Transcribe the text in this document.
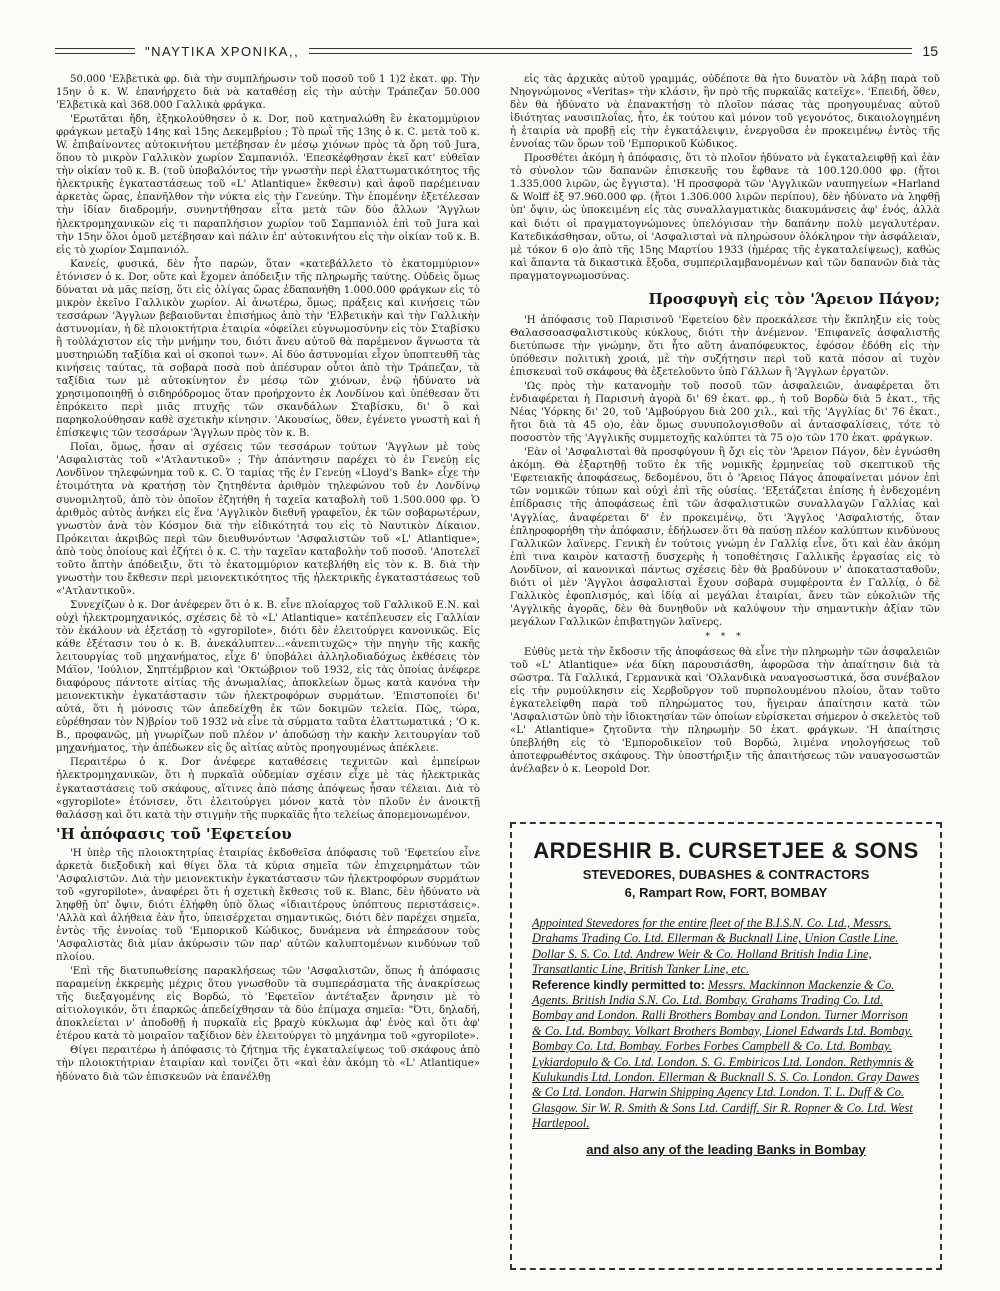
"ΝΑΥΤΙΚΑ ΧΡΟΝΙΚΑ,,	15

50.000 'Ελβετικὰ φρ. διὰ τὴν συμπλήρωσιν τοῦ ποσοῦ τοῦ 1 1)2 ἑκατ. φρ. Τὴν 15ην ὁ κ. W. ἐπανήρχετο διὰ νὰ καταθέσῃ εἰς τὴν αὐτὴν Τράπεζαν 50.000 'Ελβετικὰ καὶ 368.000 Γαλλικὰ φράγκα.

'Ερωτᾶται ἤδη, ἐξηκολούθησεν ὁ κ. Dor, ποῦ κατηναλώθη ἓν ἑκατομμύριον φράγκων μεταξὺ 14ης καὶ 15ης Δεκεμβρίου ; Τὸ πρωῒ τῆς 13ης ὁ κ. C. μετὰ τοῦ κ. W. ἐπιβαίνοντες αὐτοκινήτου μετέβησαν ἐν μέσῳ χιόνων πρὸς τὰ ὄρη τοῦ Jura, ὅπου τὸ μικρὸν Γαλλικὸν χωρίον Σαμπανιόλ. 'Επεσκέφθησαν ἐκεῖ κατ' εὐθεῖαν τὴν οἰκίαν τοῦ κ. Β. (τοῦ ὑποβαλόντος τὴν γνωστὴν περὶ ἐλαττωματικότητος τῆς ἠλεκτρικῆς ἐγκαταστάσεως τοῦ «L' Atlantique» ἔκθεσιν) καὶ ἀφοῦ παρέμειναν ἀρκετὰς ὥρας, ἐπανῆλθον τὴν νύκτα εἰς τὴν Γενεύην. Τὴν ἑπομένην ἐξετέλεσαν τὴν ἰδίαν διαδρομήν, συνηντήθησαν εἶτα μετὰ τῶν δύο ἄλλων 'Άγγλων ἠλεκτρομηχανικῶν εἰς τι παραπλήσιον χωρίον τοῦ Σαμπανιὸλ ἐπὶ τοῦ Jura καὶ τὴν 15ην ὅλοι ὁμοῦ μετέβησαν καὶ πάλιν ἐπ' αὐτοκινήτου εἰς τὴν οἰκίαν τοῦ κ. Β. εἰς τὸ χωρίον Σαμπανιόλ.

Κανείς, φυσικά, δὲν ἦτο παρών, ὅταν «κατεβάλλετο τὸ ἑκατομμύριον» ἐτόνισεν ὁ κ. Dor, οὔτε καὶ ἔχομεν ἀπόδειξιν τῆς πληρωμῆς ταύτης. Οὐδεὶς ὅμως δύναται νὰ μᾶς πείσῃ, ὅτι εἰς ὀλίγας ὥρας ἐδαπανήθη 1.000.000 φράγκων εἰς τὸ μικρὸν ἐκεῖνο Γαλλικὸν χωρίον. Αἱ ἀνωτέρω, ὅμως, πράξεις καὶ κινήσεις τῶν τεσσάρων 'Άγγλων βεβαιοῦνται ἐπισήμως ἀπὸ τὴν 'Ελβετικὴν καὶ τὴν Γαλλικὴν ἀστυνομίαν, ἡ δὲ πλοιοκτήτρια ἑταιρία «ὀφείλει εὐγνωμοσύνην εἰς τὸν Σταβίσκυ ἢ τοὐλάχιστον εἰς τὴν μνήμην του, διότι ἄνευ αὐτοῦ θὰ παρέμενον ἄγνωστα τὰ μυστηριώδη ταξίδια καὶ οἱ σκοποὶ των». Αἱ δύο ἀστυνομίαι εἶχον ὑποπτευθῆ τὰς κινήσεις ταύτας, τὰ σοβαρὰ ποσὰ ποὺ ἀπέσυραν οὗτοι ἀπὸ τὴν Τράπεζαν, τὰ ταξίδια των μὲ αὐτοκίνητον ἐν μέσῳ τῶν χιόνων, ἐνῷ ἠδύνατο νὰ χρησιμοποιηθῇ ὁ σιδηρόδρομος ὅταν προήρχοντο ἐκ Λονδίνου καὶ ὑπέθεσαν ὅτι ἐπρόκειτο περὶ μιᾶς πτυχῆς τῶν σκανδάλων Σταβίσκυ, δι' ὃ καὶ παρηκολούθησαν καθὲ σχετικὴν κίνησιν. 'Ακουσίως, ὅθεν, ἐγένετο γνωστὴ καὶ ἡ ἐπίσκεψις τῶν τεσσάρων 'Άγγλων πρὸς τὸν κ. Β.

Ποῖαι, ὅμως, ἦσαν αἱ σχέσεις τῶν τεσσάρων τούτων 'Άγγλων μὲ τοὺς 'Ασφαλιστὰς τοῦ «'Ατλαντικοῦ» ; Τὴν ἀπάντησιν παρέχει τὸ ἐν Γενεύῃ εἰς Λονδῖνον τηλεφώνημα τοῦ κ. C. Ὁ ταμίας τῆς ἐν Γενεύῃ «Lloyd's Bank» εἶχε τὴν ἑτοιμότητα νὰ κρατήσῃ τὸν ζητηθέντα ἀριθμὸν τηλεφώνου τοῦ ἐν Λονδίνῳ συνομιλητοῦ, ἀπὸ τὸν ὁποῖον ἐζητήθη ἡ ταχεῖα καταβολὴ τοῦ 1.500.000 φρ. Ὁ ἀριθμὸς αὐτὸς ἀνήκει εἰς ἕνα 'Αγγλικὸν διεθνῆ γραφεῖον, ἐκ τῶν σοβαρωτέρων, γνωστὸν ἀνὰ τὸν Κόσμον διὰ τὴν εἰδικότητά του εἰς τὸ Ναυτικὸν Δίκαιον. Πρόκειται ἀκριβῶς περὶ τῶν διευθυνόντων 'Ασφαλιστῶν τοῦ «L' Atlantique», ἀπὸ τοὺς ὁποίους καὶ ἐζήτει ὁ κ. C. τὴν ταχεῖαν καταβολὴν τοῦ ποσοῦ. 'Αποτελεῖ τοῦτο ἄπτὴν ἀπόδειξιν, ὅτι τὸ ἑκατομμύριον κατεβλήθη εἰς τὸν κ. Β. διὰ τὴν γνωστὴν του ἔκθεσιν περὶ μειονεκτικότητος τῆς ἠλεκτρικῆς ἐγκαταστάσεως τοῦ «'Ατλαντικοῦ».

Συνεχίζων ὁ κ. Dor ἀνέφερεν ὅτι ὁ κ. Β. εἶνε πλοίαρχος τοῦ Γαλλικοῦ Ε.Ν. καὶ οὐχὶ ἠλεκτρομηχανικός, σχέσεις δὲ τὸ «L' Atlantique» κατέπλευσεν εἰς Γαλλίαν τὸν ἐκάλουν νὰ ἐξετάσῃ τὸ «gyropilote», διότι δὲν ἐλειτούργει κανονικῶς. Εἰς κάθε ἐξέτασιν του ὁ κ. Β. ἀνεκάλυπτεν...«ἀνεπιτυχῶς» τὴν πηγὴν τῆς κακῆς λειτουργίας τοῦ μηχανήματος, εἶχε δ' ὑποβάλει ἀλληλοδιαδόχως ἐκθέσεις τὸν Μάϊον, 'Ιούλιον, Σηπτέμβριον καὶ 'Οκτώβριον τοῦ 1932, εἰς τὰς ὁποίας ἀνέφερε διαφόρους πάντοτε αἰτίας τῆς ἀνωμαλίας, ἀποκλείων ὅμως κατὰ κανόνα τὴν μειονεκτικὴν ἐγκατάστασιν τῶν ἠλεκτροφόρων συρμάτων. 'Επιστοποίει δι' αὐτά, ὅτι ἡ μόνοσις τῶν ἀπεδείχθη ἐκ τῶν δοκιμῶν τελεία. Πῶς, τώρα, εὑρέθησαν τὸν Ν)βρίον τοῦ 1932 νὰ εἶνε τὰ σύρματα ταῦτα ἐλαττωματικά ; 'Ο κ. Β., προφανῶς, μὴ γνωρίζων ποῦ πλέον ν' ἀποδώσῃ τὴν κακὴν λειτουργίαν τοῦ μηχανήματος, τὴν ἀπέδωκεν εἰς ὅς αἰτίας αὐτὸς προηγουμένως ἀπέκλειε.

Περαιτέρω ὁ κ. Dor ἀνέφερε καταθέσεις τεχνιτῶν καὶ ἐμπείρων ἠλεκτρομηχανικῶν, ὅτι ἡ πυρκαϊὰ οὐδεμίαν σχέσιν εἶχε μὲ τὰς ἠλεκτρικὰς ἐγκαταστάσεις τοῦ σκάφους, αἵτινες ἀπὸ πάσης ἀπόψεως ἦσαν τέλειαι. Διὰ τὸ «gyropilote» ἐτόνισεν, ὅτι ἐλειτούργει μόνον κατὰ τὸν πλοῦν ἐν ἀνοικτῇ θαλάσσῃ καὶ ὅτι κατὰ τὴν στιγμὴν τῆς πυρκαϊᾶς ἦτο τελείως ἀπομεμονωμένον.

'Η ἀπόφασις τοῦ 'Εφετείου

'Η ὑπὲρ τῆς πλοιοκτητρίας ἑταιρίας ἐκδοθεῖσα ἀπόφασις τοῦ 'Εφετείου εἶνε ἀρκετὰ διεξοδικὴ καὶ θίγει ὅλα τὰ κύρια σημεῖα τῶν ἐπιχειρημάτων τῶν 'Ασφαλιστῶν. Διὰ τὴν μειονεκτικὴν ἐγκατάστασιν τῶν ἠλεκτροφόρων συρμάτων τοῦ «gyropilote», ἀναφέρει ὅτι ἡ σχετικὴ ἔκθεσις τοῦ κ. Blanc, δὲν ἠδύνατο νὰ ληφθῇ ὑπ' ὄψιν, διότι ἐλήφθη ὑπὸ ὅλως «ἰδιαιτέρους ὑπόπτους περιστάσεις». 'Αλλὰ καὶ ἀλήθεια ἐὰν ἦτο, ὑπεισέρχεται σημαντικῶς, διότι δὲν παρέχει σημεῖα, ἐντὸς τῆς ἐννοίας τοῦ 'Εμπορικοῦ Κώδικος, δυνάμενα νὰ ἐπηρεάσουν τοὺς 'Ασφαλιστὰς διὰ μίαν ἀκύρωσιν τῶν παρ' αὐτῶν καλυπτομένων κινδύνων τοῦ πλοίου.

'Επὶ τῆς διατυπωθείσης παρακλήσεως τῶν 'Ασφαλιστῶν, ὅπως ἡ ἀπόφασις παραμείνῃ ἐκκρεμὴς μέχρις ὅτου γνωσθοῦν τὰ συμπεράσματα τῆς ἀνακρίσεως τῆς διεξαγομένης εἰς Βορδώ, τὸ 'Εφετεῖον ἀντέταξεν ἄρνησιν μὲ τὸ αἰτιολογικόν, ὅτι ἐπαρκῶς ἀπεδείχθησαν τὰ δύο ἐπίμαχα σημεῖα: "Ότι, δηλαδή, ἀποκλείεται ν' ἀποδοθῇ ἡ πυρκαϊὰ εἰς βραχὺ κύκλωμα ἀφ' ἑνὸς καὶ ὅτι ἀφ' ἑτέρου κατὰ τὸ μοιραῖον ταξίδιον δὲν ἐλειτούργει τὸ μηχάνημα τοῦ «gyropilote».

Θίγει περαιτέρω ἡ ἀπόφασις τὸ ζήτημα τῆς ἐγκαταλείψεως τοῦ σκάφους ἀπὸ τὴν πλοιοκτήτριαν ἑταιρίαν καὶ τονίζει ὅτι «καὶ ἐὰν ἀκόμη τὸ «L' Atlantique» ἠδύνατο διὰ τῶν ἐπισκευῶν νὰ ἐπανέλθῃ

εἰς τὰς ἀρχικὰς αὐτοῦ γραμμάς, οὐδέποτε θὰ ἦτο δυνατὸν νὰ λάβῃ παρὰ τοῦ Νηογνώμονος «Veritas» τὴν κλάσιν, ἣν πρὸ τῆς πυρκαϊᾶς κατεῖχε». 'Επειδή, ὅθεν, δὲν θὰ ἠδύνατο νὰ ἐπανακτήσῃ τὸ πλοῖον πάσας τὰς προηγουμένας αὐτοῦ ἰδιότητας ναυσιπλοΐας, ἦτο, ἐκ τούτου καὶ μόνον τοῦ γεγονότος, δικαιολογημένη ἡ ἑταιρία νὰ προβῇ εἰς τὴν ἐγκατάλειψιν, ἐνεργοῦσα ἐν προκειμένῳ ἐντὸς τῆς ἐννοίας τῶν ὅρων τοῦ 'Εμπορικοῦ Κώδικος.

Προσθέτει ἀκόμη ἡ ἀπόφασις, ὅτι τὸ πλοῖον ἠδύνατο νὰ ἐγκαταλειφθῇ καὶ ἐὰν τὸ σύνολον τῶν δαπανῶν ἐπισκευῆς του ἔφθανε τὰ 100.120.000 φρ. (ἤτοι 1.335.000 λιρῶν, ὡς ἔγγιστα). 'Η προσφορὰ τῶν 'Αγγλικῶν ναυπηγείων «Harland & Wolff ἐξ 97.960.000 φρ. (ἤτοι 1.306.000 λιρῶν περίπου), δὲν ἠδύνατο νὰ ληφθῇ ὑπ' ὄψιν, ὡς ὑποκειμένη εἰς τὰς συναλλαγματικὰς διακυμάνσεις ἀφ' ἑνός, ἀλλὰ καὶ διότι οἱ πραγματογνώμονες ὑπελόγισαν τὴν δαπάνην πολὺ μεγαλυτέραν. Κατεδικάσθησαν, οὕτω, οἱ 'Ασφαλισταὶ νὰ πληρώσουν ὁλόκληρον τὴν ἀσφάλειαν, μὲ τόκον 6 ο)ο ἀπὸ τῆς 15ης Μαρτίου 1933 (ἡμέρας τῆς ἐγκαταλείψεως), καθὼς καὶ ἅπαντα τὰ δικαστικὰ ἔξοδα, συμπεριλαμβανομένων καὶ τῶν δαπανῶν διὰ τὰς πραγματογνωμοσύνας.

Προσφυγὴ εἰς τὸν 'Άρειον Πάγον;

'Η ἀπόφασις τοῦ Παρισινοῦ 'Εφετείου δὲν προεκάλεσε τὴν ἔκπληξιν εἰς τοὺς Θαλασσοασφαλιστικοὺς κύκλους, διότι τὴν ἀνέμενον. 'Επιφανεῖς ἀσφαλιστῆς διετύπωσε τὴν γνώμην, ὅτι ἦτο αὕτη ἀναπόφευκτος, ἐφόσον ἐδόθη εἰς τὴν ὑπόθεσιν πολιτικὴ χροιά, μὲ τὴν συζήτησιν περὶ τοῦ κατὰ πόσον αἱ τυχὸν ἐπισκευαὶ τοῦ σκάφους θὰ ἐξετελοῦντο ὑπὸ Γάλλων ἢ 'Άγγλων ἐργατῶν.

'Ως πρὸς τὴν κατανομὴν τοῦ ποσοῦ τῶν ἀσφαλειῶν, ἀναφέρεται ὅτι ἐνδιαφέρεται ἡ Παρισινὴ ἀγορὰ δι' 69 ἑκατ. φρ., ἡ τοῦ Βορδὼ διὰ 5 ἑκατ., τῆς Νέας 'Υόρκης δι' 20, τοῦ 'Αμβούργου διὰ 200 χιλ., καὶ τῆς 'Αγγλίας δι' 76 ἑκατ., ἤτοι διὰ τὰ 45 ο)ο, ἐὰν ὅμως συνυπολογισθοῦν αἱ ἀντασφαλίσεις, τότε τὸ ποσοστὸν τῆς 'Αγγλικῆς συμμετοχῆς καλύπτει τὰ 75 ο)ο τῶν 170 ἑκατ. φράγκων.

'Εὰν οἱ 'Ασφαλισταὶ θὰ προσφύγουν ἢ ὄχι εἰς τὸν 'Άρειον Πάγον, δὲν ἐγνώσθη ἀκόμη. Θὰ ἐξαρτηθῇ τοῦτο ἐκ τῆς νομικῆς ἑρμηνείας τοῦ σκεπτικοῦ τῆς 'Εφετειακῆς ἀποφάσεως, δεδομένου, ὅτι ὁ 'Άρειος Πάγος ἀποφαίνεται μόνον ἐπὶ τῶν νομικῶν τύπων καὶ οὐχὶ ἐπὶ τῆς οὐσίας. 'Εξετάζεται ἐπίσης ἡ ἐνδεχομένη ἐπίδρασις τῆς ἀποφάσεως ἐπὶ τῶν ἀσφαλιστικῶν συναλλαγῶν Γαλλίας καὶ 'Αγγλίας, ἀναφέρεται δ' ἐν προκειμένῳ, ὅτι 'Άγγλος 'Ασφαλιστής, ὅταν ἐπληροφορήθη τὴν ἀπόφασιν, ἐδήλωσεν ὅτι θὰ παύσῃ πλέον καλύπτων κινδύνους Γαλλικῶν λαϊνερς. Γενικὴ ἐν τούτοις γνώμη ἐν Γαλλίᾳ εἶνε, ὅτι καὶ ἐὰν ἀκόμη ἐπὶ τινα καιρὸν καταστῇ δυσχερὴς ἡ τοποθέτησις Γαλλικῆς ἐργασίας εἰς τὸ Λονδῖνον, αἱ κανονικαὶ πάντως σχέσεις δὲν θὰ βραδύνουν ν' ἀποκατασταθοῦν, διότι οἱ μὲν 'Άγγλοι ἀσφαλισταὶ ἔχουν σοβαρὰ συμφέροντα ἐν Γαλλίᾳ, ὁ δὲ Γαλλικὸς ἐφοπλισμός, καὶ ἰδίᾳ αἱ μεγάλαι ἑταιρίαι, ἄνευ τῶν εὐκολιῶν τῆς 'Αγγλικῆς ἀγορᾶς, δὲν θὰ δυνηθοῦν νὰ καλύψουν τὴν σημαντικὴν ἀξίαν τῶν μεγάλων Γαλλικῶν ἐπιβατηγῶν λαϊνερς.

* * *

Εὐθὺς μετὰ τὴν ἔκδοσιν τῆς ἀποφάσεως θὰ εἶνε τὴν πληρωμὴν τῶν ἀσφαλειῶν τοῦ «L' Atlantique» νέα δίκη παρουσιάσθη, ἀφορῶσα τὴν ἀπαίτησιν διὰ τὰ σῶστρα. Τὰ Γαλλικά, Γερμανικὰ καὶ 'Ολλανδικὰ ναυαγοσωστικά, ὅσα συνέβαλον εἰς τὴν ρυμούλκησιν εἰς Χερβοῦργον τοῦ πυρπολουμένου πλοίου, ὅταν τοῦτο ἐγκατελείφθη παρὰ τοῦ πληρώματος του, ἤγειραν ἀπαίτησιν κατὰ τῶν 'Ασφαλιστῶν ὑπὸ τὴν ἰδιοκτησίαν τῶν ὁποίων εὑρίσκεται σήμερον ὁ σκελετὸς τοῦ «L' Atlantique» ζητοῦντα τὴν πληρωμὴν 50 ἑκατ. φράγκων. 'Η ἀπαίτησις ὑπεβλήθη εἰς τὸ 'Εμποροδικεῖον τοῦ Βορδώ, λιμένα νηολογήσεως τοῦ ἀποτεφρωθέντος σκάφους. Τὴν ὑποστήριξιν τῆς ἀπαιτήσεως τῶν ναυαγοσωστῶν ἀνέλαβεν ὁ κ. Leopold Dor.

ARDESHIR B. CURSETJEE & SONS
STEVEDORES, DUBASHES & CONTRACTORS
6, Rampart Row, FORT, BOMBAY
Appointed Stevedores for the entire fleet of the B.I.S.N. Co. Ltd., Messrs. Drahams Trading Co. Ltd. Ellerman & Bucknall Line, Union Castle Line. Dollar S. S. Co. Ltd. Andrew Weir & Co. Holland British India Line, Transatlantic Line, British Tanker Line, etc.
Reference kindly permitted to: Messrs. Mackinnon Mackenzie & Co. Agents. British India S.N. Co. Ltd. Bombay. Grahams Trading Co. Ltd. Bombay and London. Ralli Brothers Bombay and London. Turner Morrison & Co. Ltd. Bombay. Volkart Brothers Bombay, Lionel Edwards Ltd. Bombay. Bombay Co. Ltd. Bombay. Forbes Forbes Campbell & Co. Ltd. Bombay. Lykiardopulo & Co. Ltd. London. S. G. Embiricos Ltd. London. Rethymnis & Kulukundis Ltd. London. Ellerman & Bucknall S. S. Co. London. Gray Dawes & Co Ltd. London. Harwin Shipping Agency Ltd. London. T. L. Duff & Co. Glasgow. Sir W. R. Smith & Sons Ltd. Cardiff. Sir R. Ropner & Co. Ltd. West Hartlepool.
and also any of the leading Banks in Bombay
